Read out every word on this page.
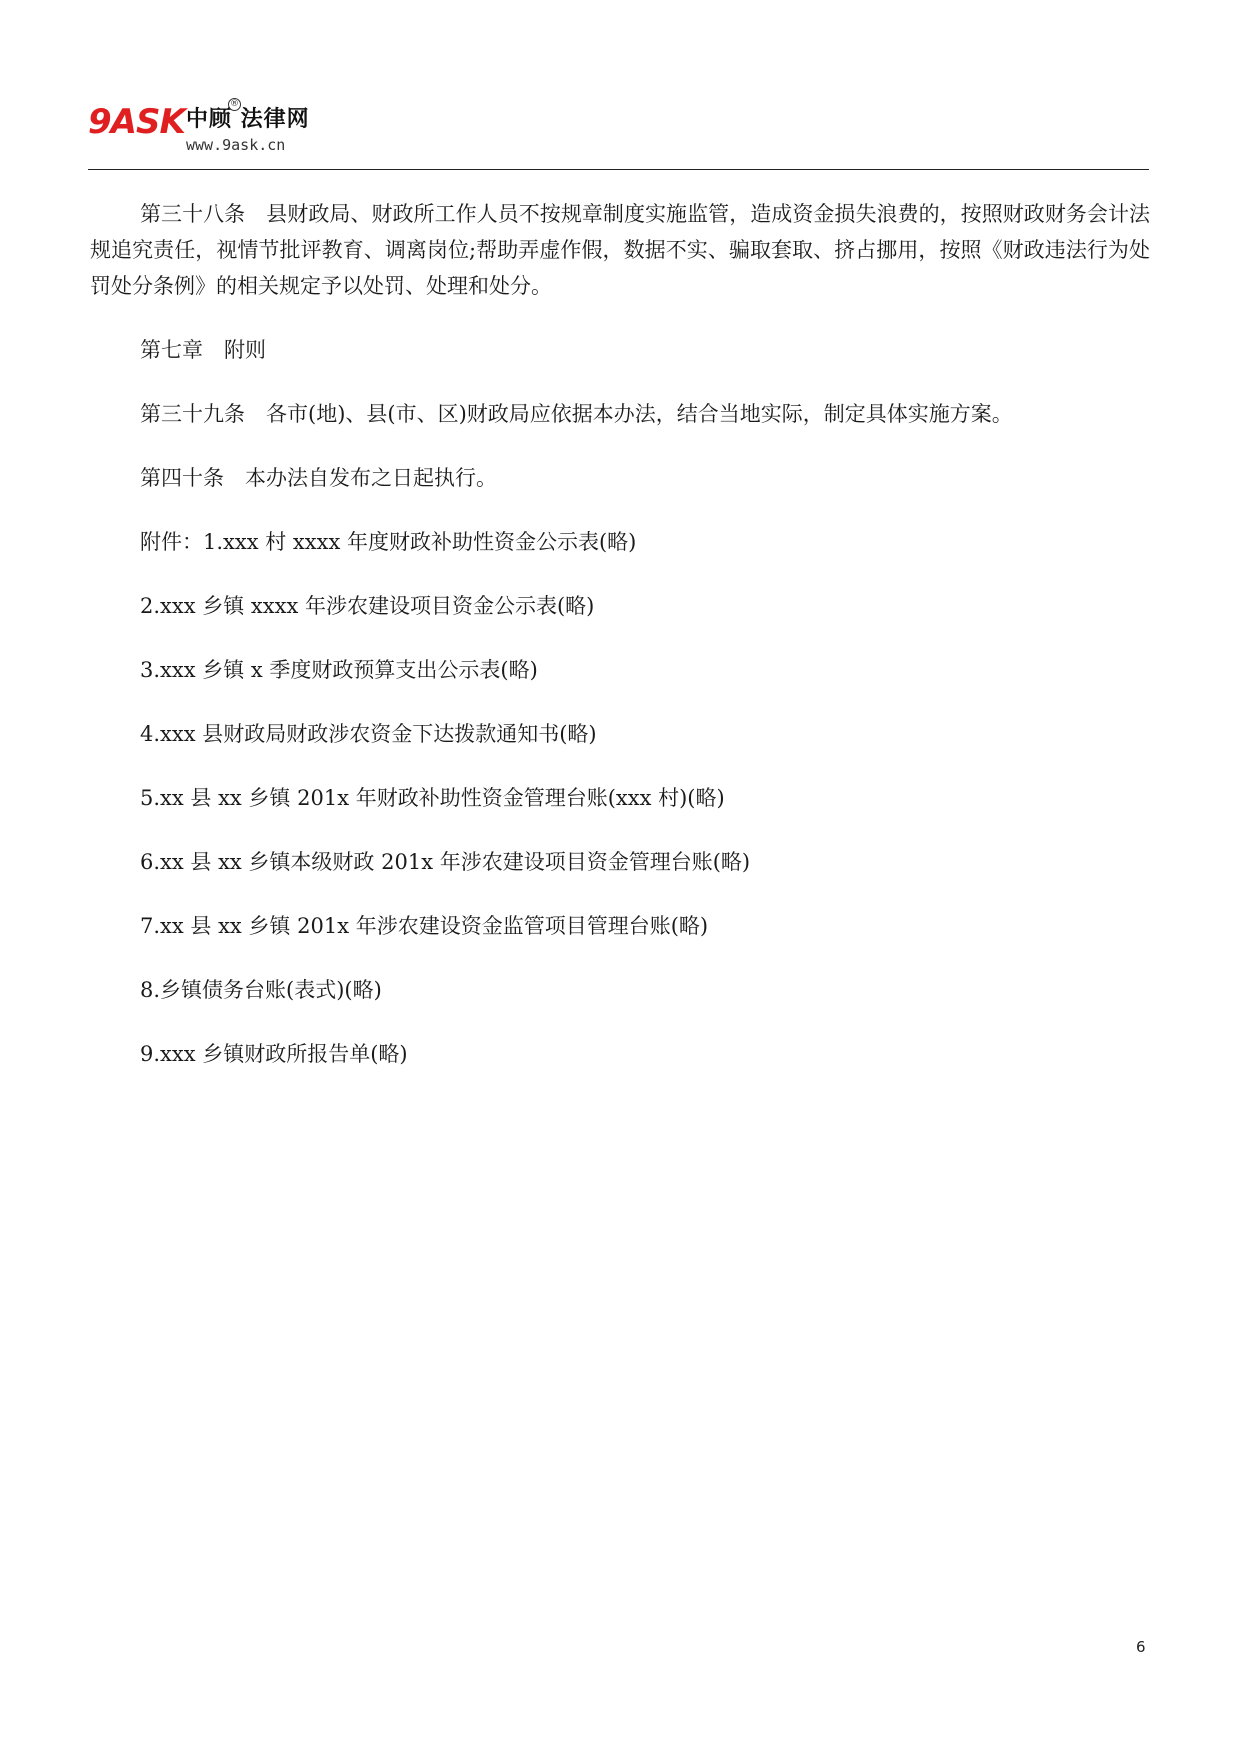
9ASK 中顾 法律网
®
www.9ask.cn

第三十八条　县财政局、财政所工作人员不按规章制度实施监管，造成资金损失浪费的，按照财政财务会计法规追究责任，视情节批评教育、调离岗位;帮助弄虚作假，数据不实、骗取套取、挤占挪用，按照《财政违法行为处罚处分条例》的相关规定予以处罚、处理和处分。

第七章　附则

第三十九条　各市(地)、县(市、区)财政局应依据本办法，结合当地实际，制定具体实施方案。

第四十条　本办法自发布之日起执行。

附件：1.xxx 村 xxxx 年度财政补助性资金公示表(略)

2.xxx 乡镇 xxxx 年涉农建设项目资金公示表(略)

3.xxx 乡镇 x 季度财政预算支出公示表(略)

4.xxx 县财政局财政涉农资金下达拨款通知书(略)

5.xx 县 xx 乡镇 201x 年财政补助性资金管理台账(xxx 村)(略)

6.xx 县 xx 乡镇本级财政 201x 年涉农建设项目资金管理台账(略)

7.xx 县 xx 乡镇 201x 年涉农建设资金监管项目管理台账(略)

8.乡镇债务台账(表式)(略)

9.xxx 乡镇财政所报告单(略)

6
